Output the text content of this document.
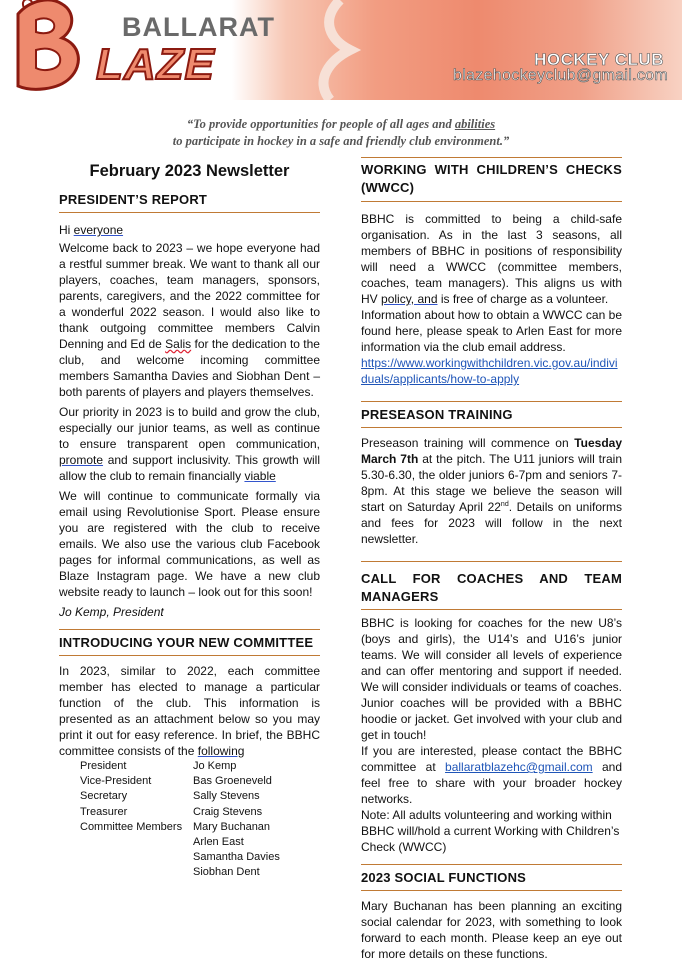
BALLARAT
LAZE	HOCKEY CLUB
blazehockeyclub@gmail.com
“To provide opportunities for people of all ages and abilities
to participate in hockey in a safe and friendly club environment.”
February 2023 Newsletter
PRESIDENT’S REPORT

Hi everyone

Welcome back to 2023 – we hope everyone had a restful summer break. We want to thank all our players, coaches, team managers, sponsors, parents, caregivers, and the 2022 committee for a wonderful 2022 season. I would also like to thank outgoing committee members Calvin Denning and Ed de Salis for the dedication to the club, and welcome incoming committee members Samantha Davies and Siobhan Dent – both parents of players and players themselves.

Our priority in 2023 is to build and grow the club, especially our junior teams, as well as continue to ensure transparent open communication, promote and support inclusivity. This growth will allow the club to remain financially viable

We will continue to communicate formally via email using Revolutionise Sport. Please ensure you are registered with the club to receive emails. We also use the various club Facebook pages for informal communications, as well as Blaze Instagram page. We have a new club website ready to launch – look out for this soon!

Jo Kemp, President

INTRODUCING YOUR NEW COMMITTEE

In 2023, similar to 2022, each committee member has elected to manage a particular function of the club. This information is presented as an attachment below so you may print it out for easy reference. In brief, the BBHC committee consists of the following

President	Jo Kemp
Vice-President	Bas Groeneveld
Secretary	Sally Stevens
Treasurer	Craig Stevens
Committee Members	Mary Buchanan
	Arlen East
	Samantha Davies
	Siobhan Dent
WORKING WITH CHILDREN’S CHECKS (WWCC)

BBHC is committed to being a child-safe organisation. As in the last 3 seasons, all members of BBHC in positions of responsibility will need a WWCC (committee members, coaches, team managers). This aligns us with HV policy, and is free of charge as a volunteer.

Information about how to obtain a WWCC can be found here, please speak to Arlen East for more information via the club email address.

https://www.workingwithchildren.vic.gov.au/individuals/applicants/how-to-apply

PRESEASON TRAINING

Preseason training will commence on Tuesday March 7th at the pitch. The U11 juniors will train 5.30-6.30, the older juniors 6-7pm and seniors 7-8pm. At this stage we believe the season will start on Saturday April 22nd. Details on uniforms and fees for 2023 will follow in the next newsletter.

CALL FOR COACHES AND TEAM MANAGERS

BBHC is looking for coaches for the new U8’s (boys and girls), the U14’s and U16’s junior teams. We will consider all levels of experience and can offer mentoring and support if needed. We will consider individuals or teams of coaches. Junior coaches will be provided with a BBHC hoodie or jacket. Get involved with your club and get in touch!

If you are interested, please contact the BBHC committee at ballaratblazehc@gmail.com and feel free to share with your broader hockey networks.

Note: All adults volunteering and working within BBHC will/hold a current Working with Children’s Check (WWCC)

2023 SOCIAL FUNCTIONS

Mary Buchanan has been planning an exciting social calendar for 2023, with something to look forward to each month. Please keep an eye out for more details on these functions.
